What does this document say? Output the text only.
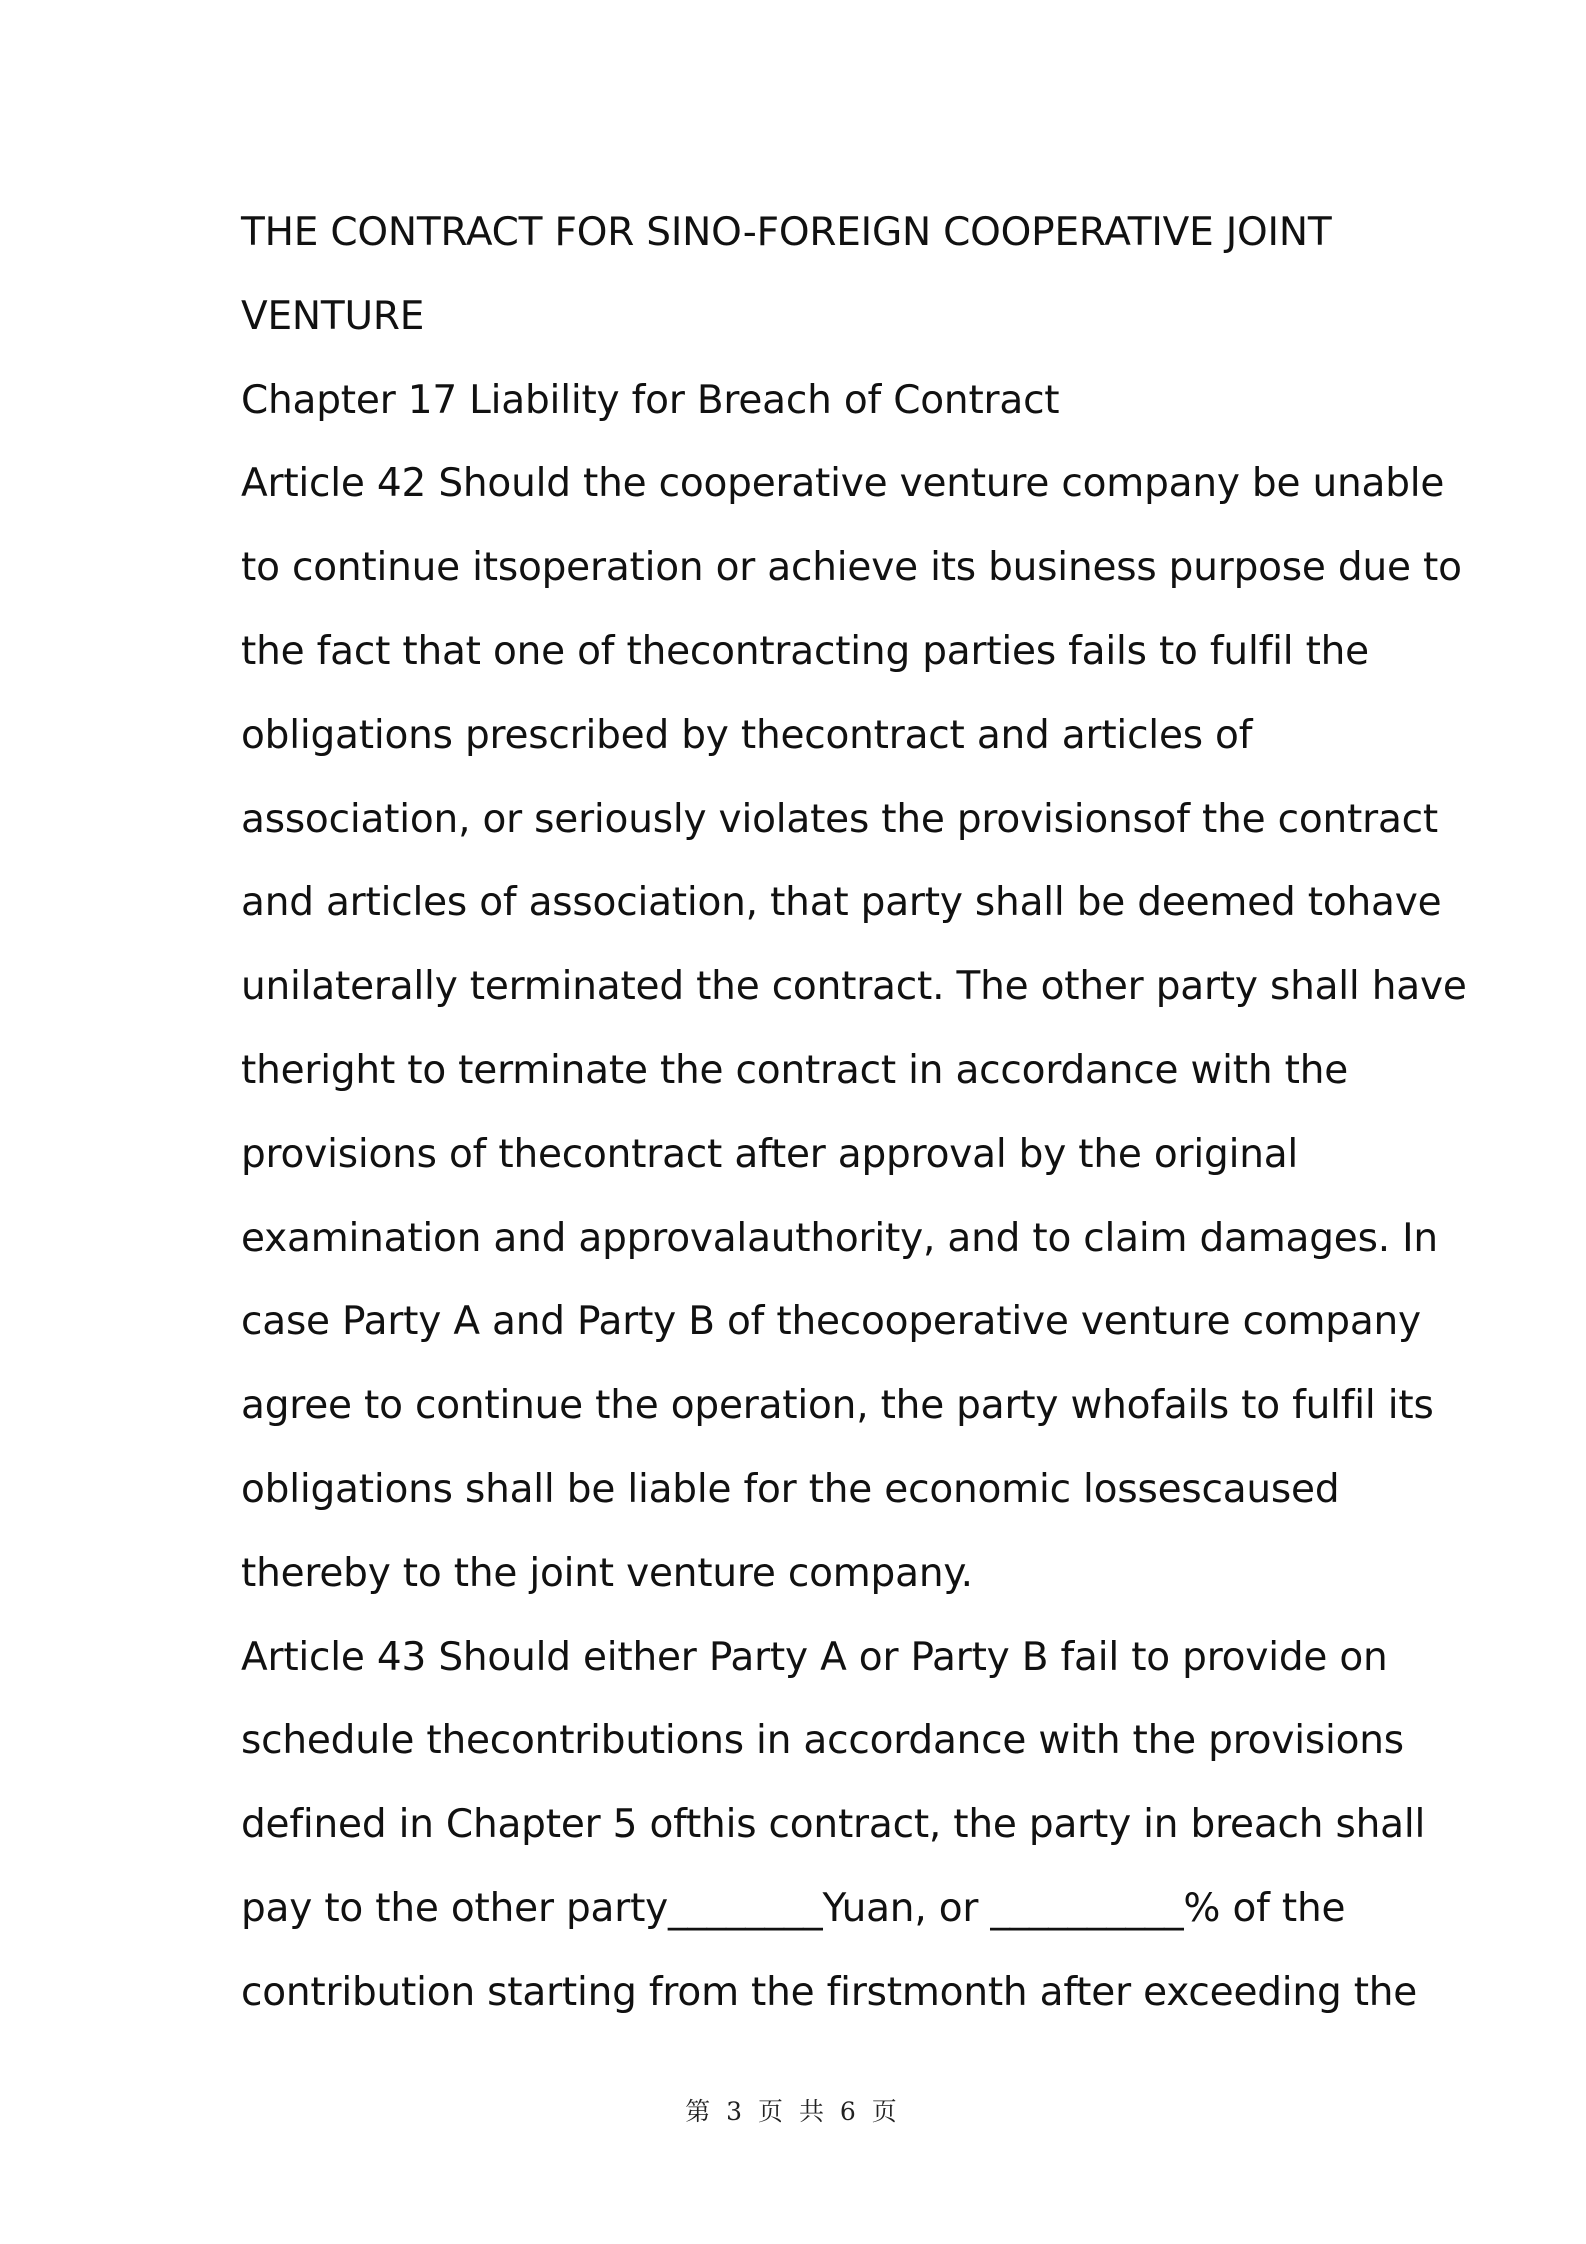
THE CONTRACT FOR SINO-FOREIGN COOPERATIVE JOINT
VENTURE
Chapter 17 Liability for Breach of Contract
Article 42 Should the cooperative venture company be unable
to continue itsoperation or achieve its business purpose due to
the fact that one of thecontracting parties fails to fulfil the
obligations prescribed by thecontract and articles of
association, or seriously violates the provisionsof the contract
and articles of association, that party shall be deemed tohave
unilaterally terminated the contract. The other party shall have
theright to terminate the contract in accordance with the
provisions of thecontract after approval by the original
examination and approvalauthority, and to claim damages. In
case Party A and Party B of thecooperative venture company
agree to continue the operation, the party whofails to fulfil its
obligations shall be liable for the economic lossescaused
thereby to the joint venture company.
Article 43 Should either Party A or Party B fail to provide on
schedule thecontributions in accordance with the provisions
defined in Chapter 5 ofthis contract, the party in breach shall
pay to the other party________Yuan, or __________% of the
contribution starting from the firstmonth after exceeding the
第 3 页 共 6 页
